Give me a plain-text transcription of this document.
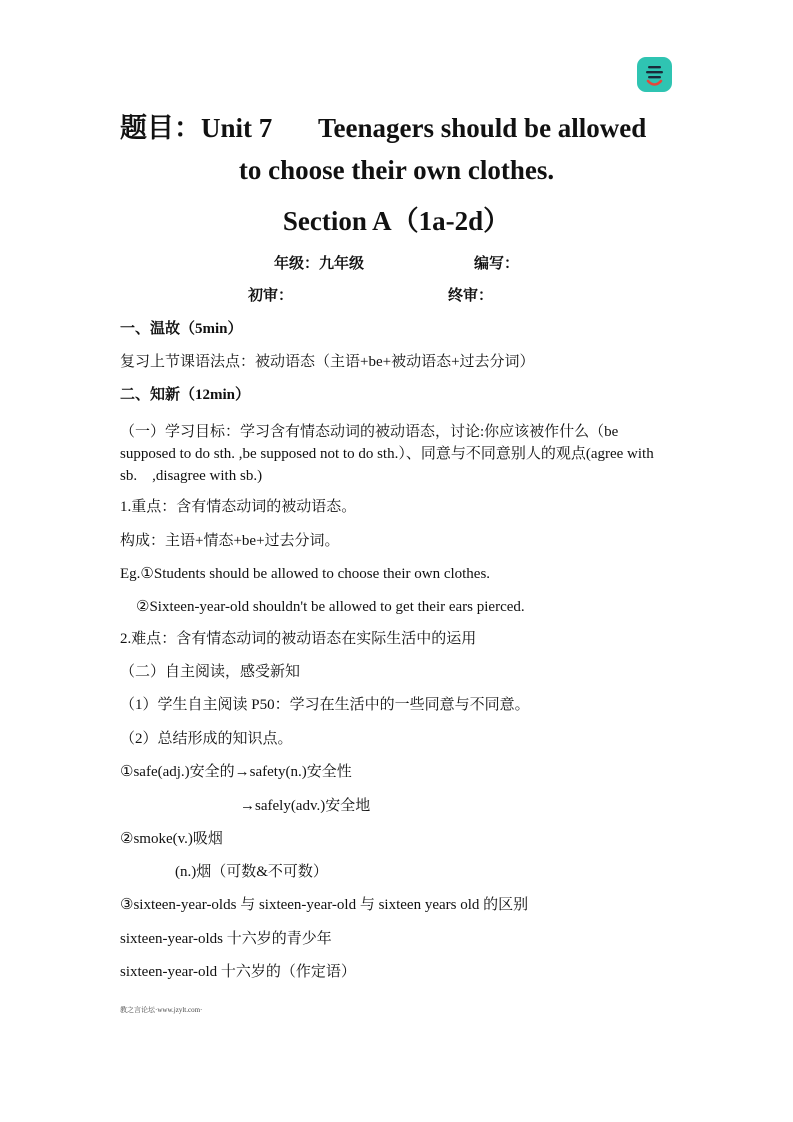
题目：Unit 7 Teenagers should be allowed
to choose their own clothes.
Section A（1a-2d）
年级：九年级	编写：
初审：	终审：
一、温故（5min）
复习上节课语法点：被动语态（主语+be+被动语态+过去分词）
二、知新（12min）
（一）学习目标：学习含有情态动词的被动语态，讨论:你应该被作什么（be supposed to do sth. ,be supposed not to do sth.）、同意与不同意别人的观点(agree with sb.　,disagree with sb.)
1.重点：含有情态动词的被动语态。
构成：主语+情态+be+过去分词。
Eg.①Students should be allowed to choose their own clothes.
②Sixteen-year-old shouldn't be allowed to get their ears pierced.
2.难点：含有情态动词的被动语态在实际生活中的运用
（二）自主阅读，感受新知
（1）学生自主阅读 P50：学习在生活中的一些同意与不同意。
（2）总结形成的知识点。
①safe(adj.)安全的→safety(n.)安全性
→safely(adv.)安全地
②smoke(v.)吸烟
(n.)烟（可数&不可数）
③sixteen-year-olds 与 sixteen-year-old 与 sixteen years old 的区别
sixteen-year-olds 十六岁的青少年
sixteen-year-old 十六岁的（作定语）
教之言论坛·www.jzylt.com·
